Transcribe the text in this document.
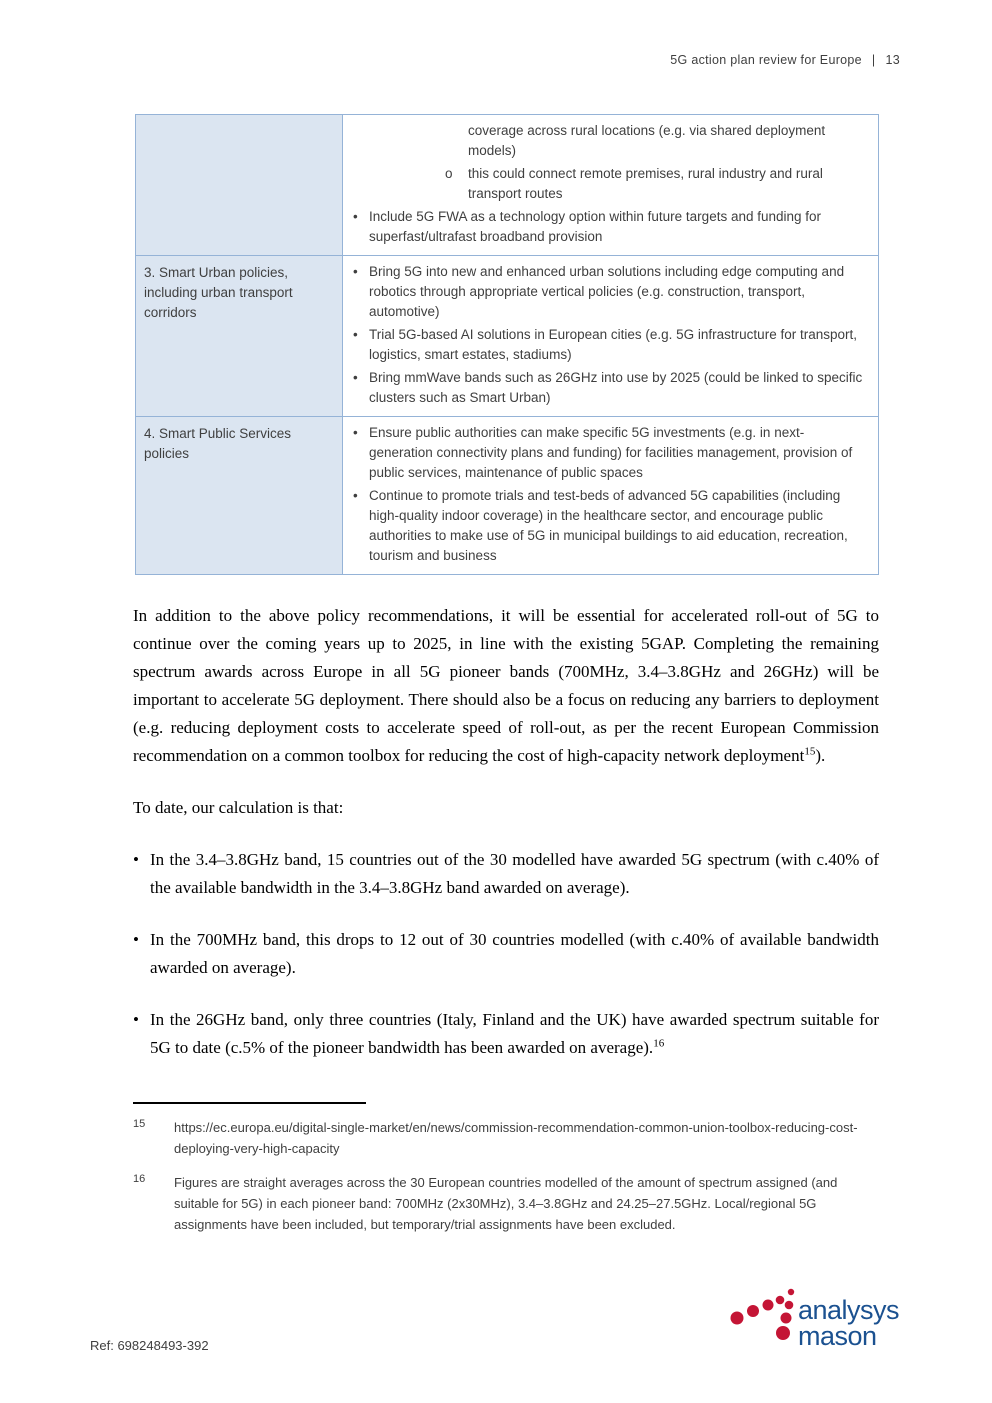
5G action plan review for Europe | 13
coverage across rural locations (e.g. via shared deployment models)
o this could connect remote premises, rural industry and rural transport routes
• Include 5G FWA as a technology option within future targets and funding for superfast/ultrafast broadband provision
3. Smart Urban policies, including urban transport corridors
• Bring 5G into new and enhanced urban solutions including edge computing and robotics through appropriate vertical policies (e.g. construction, transport, automotive)
• Trial 5G-based AI solutions in European cities (e.g. 5G infrastructure for transport, logistics, smart estates, stadiums)
• Bring mmWave bands such as 26GHz into use by 2025 (could be linked to specific clusters such as Smart Urban)
4. Smart Public Services policies
• Ensure public authorities can make specific 5G investments (e.g. in next-generation connectivity plans and funding) for facilities management, provision of public services, maintenance of public spaces
• Continue to promote trials and test-beds of advanced 5G capabilities (including high-quality indoor coverage) in the healthcare sector, and encourage public authorities to make use of 5G in municipal buildings to aid education, recreation, tourism and business

In addition to the above policy recommendations, it will be essential for accelerated roll-out of 5G to continue over the coming years up to 2025, in line with the existing 5GAP. Completing the remaining spectrum awards across Europe in all 5G pioneer bands (700MHz, 3.4–3.8GHz and 26GHz) will be important to accelerate 5G deployment. There should also be a focus on reducing any barriers to deployment (e.g. reducing deployment costs to accelerate speed of roll-out, as per the recent European Commission recommendation on a common toolbox for reducing the cost of high-capacity network deployment$^{15}$).

To date, our calculation is that:

• In the 3.4–3.8GHz band, 15 countries out of the 30 modelled have awarded 5G spectrum (with c.40% of the available bandwidth in the 3.4–3.8GHz band awarded on average).
• In the 700MHz band, this drops to 12 out of 30 countries modelled (with c.40% of available bandwidth awarded on average).
• In the 26GHz band, only three countries (Italy, Finland and the UK) have awarded spectrum suitable for 5G to date (c.5% of the pioneer bandwidth has been awarded on average).$^{16}$
15 https://ec.europa.eu/digital-single-market/en/news/commission-recommendation-common-union-toolbox-reducing-cost-deploying-very-high-capacity
16 Figures are straight averages across the 30 European countries modelled of the amount of spectrum assigned (and suitable for 5G) in each pioneer band: 700MHz (2x30MHz), 3.4–3.8GHz and 24.25–27.5GHz. Local/regional 5G assignments have been included, but temporary/trial assignments have been excluded.
Ref: 698248493-392
analysys
mason
